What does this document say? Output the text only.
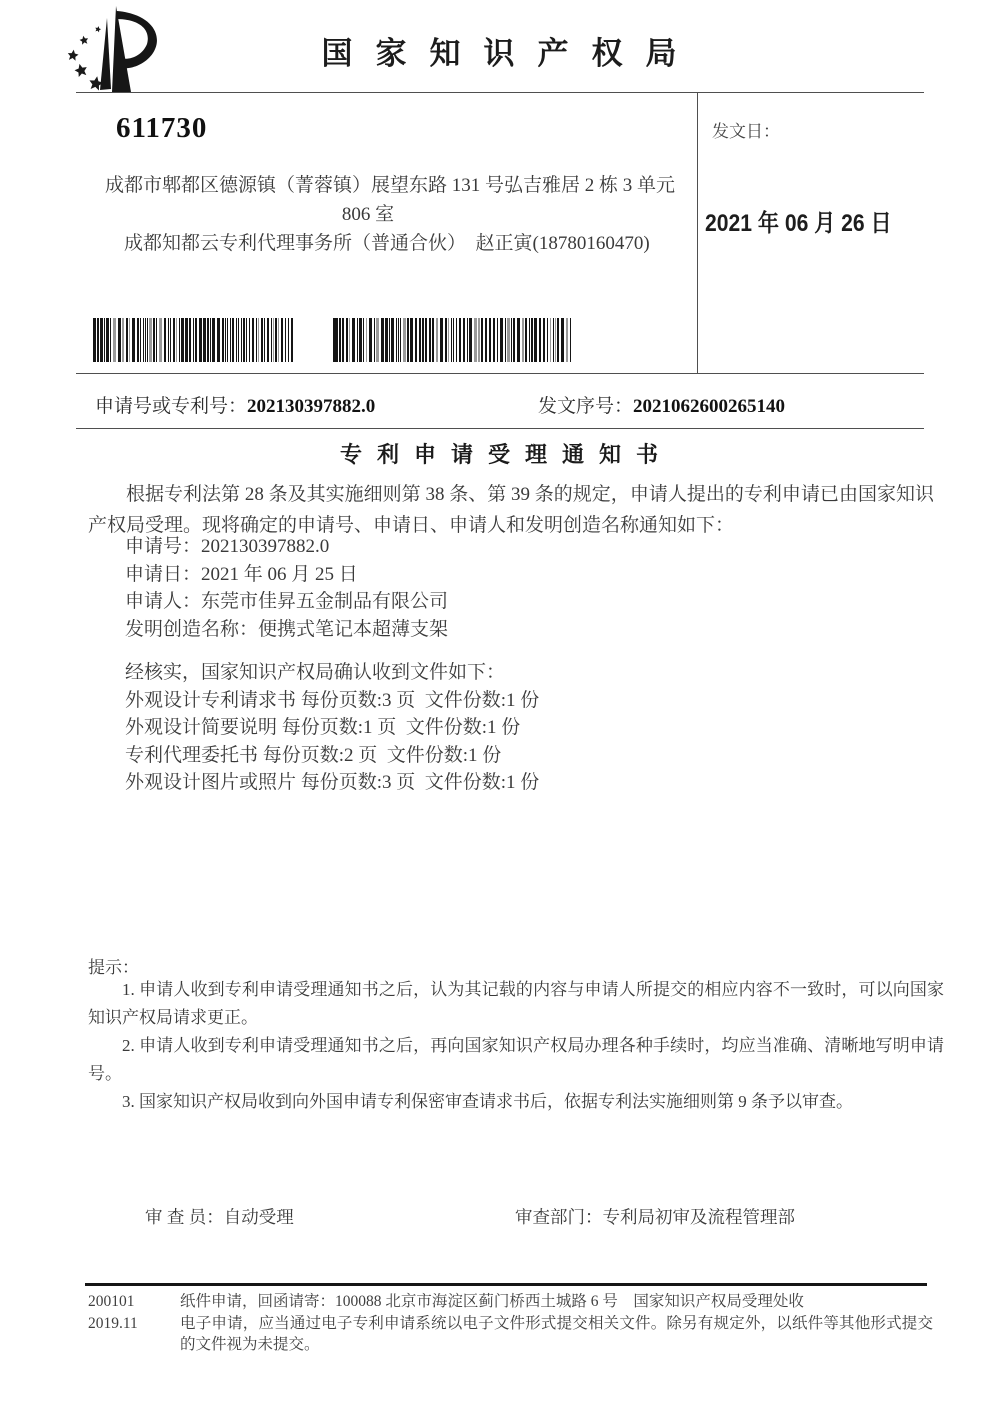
国家知识产权局
611730
成都市郫都区德源镇（菁蓉镇）展望东路 131 号弘吉雅居 2 栋 3 单元
806 室
成都知都云专利代理事务所（普通合伙）  赵正寅(18780160470)
发文日：
2021 年 06 月 26 日
申请号或专利号：202130397882.0	发文序号：2021062600265140
专利申请受理通知书
根据专利法第 28 条及其实施细则第 38 条、第 39 条的规定，申请人提出的专利申请已由国家知识产权局受理。现将确定的申请号、申请日、申请人和发明创造名称通知如下：
申请号：202130397882.0
申请日：2021 年 06 月 25 日
申请人：东莞市佳昇五金制品有限公司
发明创造名称：便携式笔记本超薄支架
经核实，国家知识产权局确认收到文件如下：
外观设计专利请求书 每份页数:3 页  文件份数:1 份
外观设计简要说明 每份页数:1 页  文件份数:1 份
专利代理委托书 每份页数:2 页  文件份数:1 份
外观设计图片或照片 每份页数:3 页  文件份数:1 份
提示：

1. 申请人收到专利申请受理通知书之后，认为其记载的内容与申请人所提交的相应内容不一致时，可以向国家知识产权局请求更正。

2. 申请人收到专利申请受理通知书之后，再向国家知识产权局办理各种手续时，均应当准确、清晰地写明申请号。

3. 国家知识产权局收到向外国申请专利保密审查请求书后，依据专利法实施细则第 9 条予以审查。

审 查 员：自动受理	审查部门：专利局初审及流程管理部
200101	纸件申请，回函请寄：100088 北京市海淀区蓟门桥西土城路 6 号　国家知识产权局受理处收
2019.11	电子申请，应当通过电子专利申请系统以电子文件形式提交相关文件。除另有规定外，以纸件等其他形式提交的文件视为未提交。
